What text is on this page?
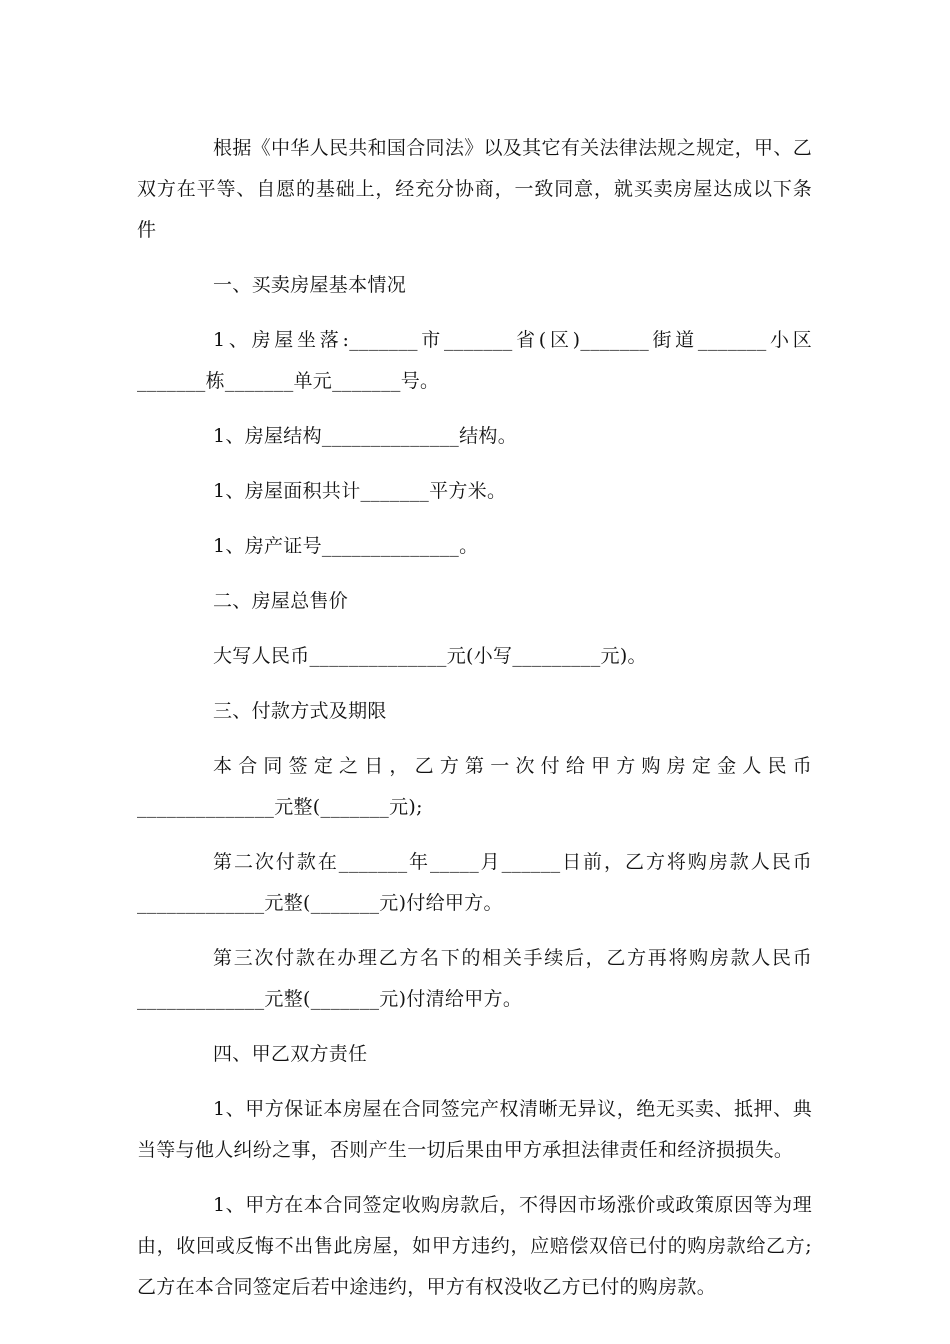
根据《中华人民共和国合同法》以及其它有关法律法规之规定，甲、乙双方在平等、自愿的基础上，经充分协商，一致同意，就买卖房屋达成以下条件

一、买卖房屋基本情况

1、房屋坐落:_______市_______省(区)_______街道_______小区_______栋_______单元_______号。

1、房屋结构______________结构。

1、房屋面积共计_______平方米。

1、房产证号______________。

二、房屋总售价

大写人民币______________元(小写_________元)。

三、付款方式及期限

本合同签定之日，乙方第一次付给甲方购房定金人民币______________元整(_______元);

第二次付款在_______年_____月______日前，乙方将购房款人民币_____________元整(_______元)付给甲方。

第三次付款在办理乙方名下的相关手续后，乙方再将购房款人民币_____________元整(_______元)付清给甲方。

四、甲乙双方责任

1、甲方保证本房屋在合同签完产权清晰无异议，绝无买卖、抵押、典当等与他人纠纷之事，否则产生一切后果由甲方承担法律责任和经济损损失。

1、甲方在本合同签定收购房款后，不得因市场涨价或政策原因等为理由，收回或反悔不出售此房屋，如甲方违约，应赔偿双倍已付的购房款给乙方;乙方在本合同签定后若中途违约，甲方有权没收乙方已付的购房款。
